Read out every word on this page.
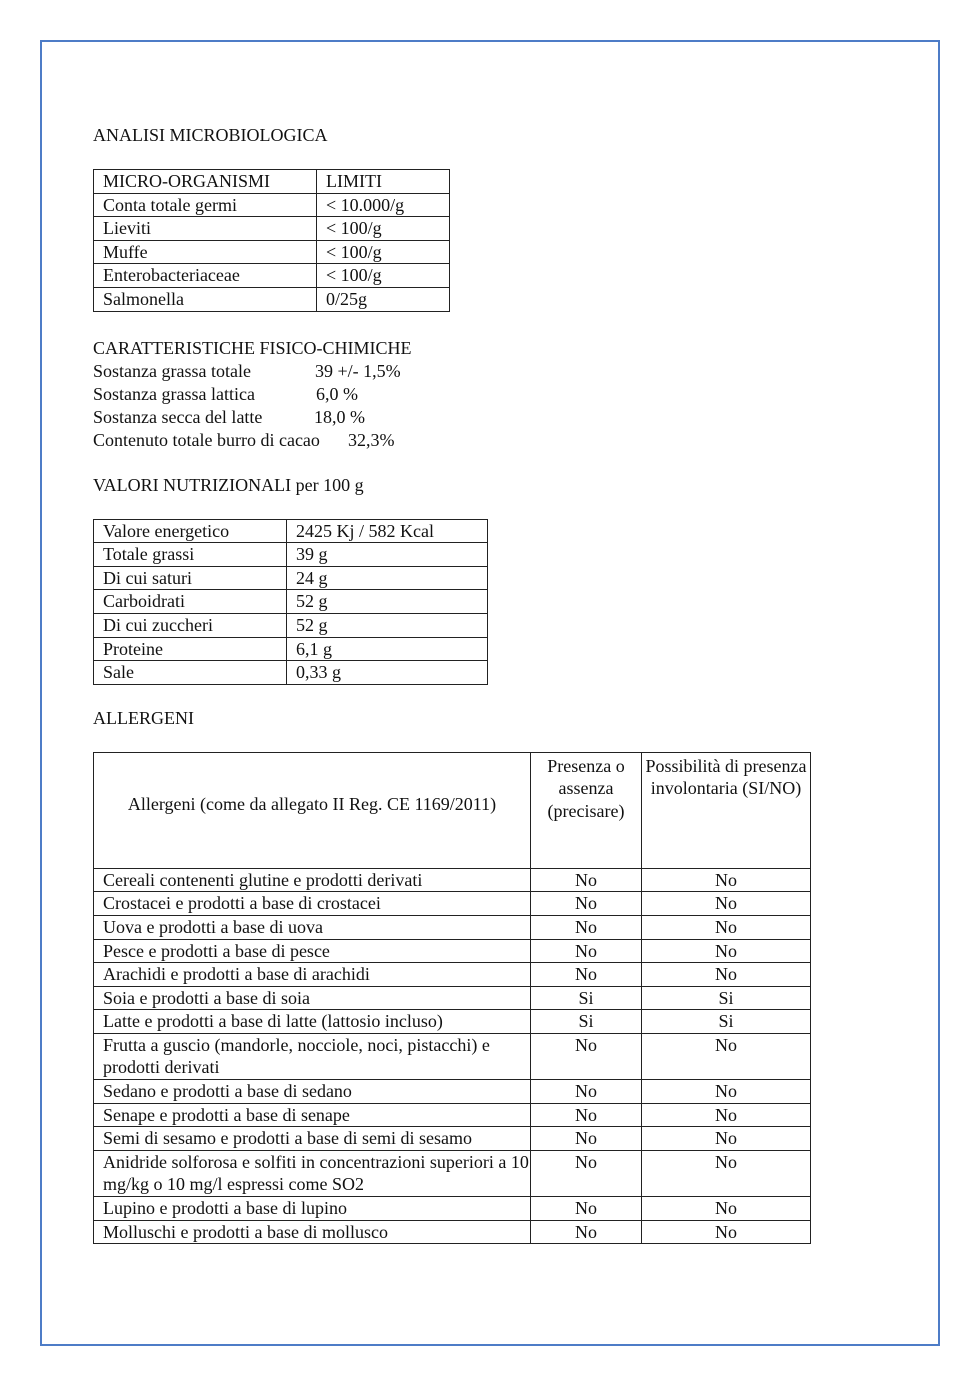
ANALISI MICROBIOLOGICA

MICRO-ORGANISMI	LIMITI
Conta totale germi	< 10.000/g
Lieviti	< 100/g
Muffe	< 100/g
Enterobacteriaceae	< 100/g
Salmonella	0/25g

CARATTERISTICHE FISICO-CHIMICHE

Sostanza grassa totale	39 +/- 1,5%
Sostanza grassa lattica	6,0 %
Sostanza secca del latte	18,0 %
Contenuto totale burro di cacao	32,3%

VALORI NUTRIZIONALI per 100 g

Valore energetico	2425 Kj / 582 Kcal
Totale grassi	39 g
Di cui saturi	24 g
Carboidrati	52 g
Di cui zuccheri	52 g
Proteine	6,1 g
Sale	0,33 g

ALLERGENI

Allergeni (come da allegato II Reg. CE 1169/2011)	Presenza o assenza (precisare)	Possibilità di presenza involontaria (SI/NO)
Cereali contenenti glutine e prodotti derivati	No	No
Crostacei e prodotti a base di crostacei	No	No
Uova e prodotti a base di uova	No	No
Pesce e prodotti a base di pesce	No	No
Arachidi e prodotti a base di arachidi	No	No
Soia e prodotti a base di soia	Si	Si
Latte e prodotti a base di latte (lattosio incluso)	Si	Si
Frutta a guscio (mandorle, nocciole, noci, pistacchi) e prodotti derivati	No	No
Sedano e prodotti a base di sedano	No	No
Senape e prodotti a base di senape	No	No
Semi di sesamo e prodotti a base di semi di sesamo	No	No
Anidride solforosa e solfiti in concentrazioni superiori a 10 mg/kg o 10 mg/l espressi come SO2	No	No
Lupino e prodotti a base di lupino	No	No
Molluschi e prodotti a base di mollusco	No	No
